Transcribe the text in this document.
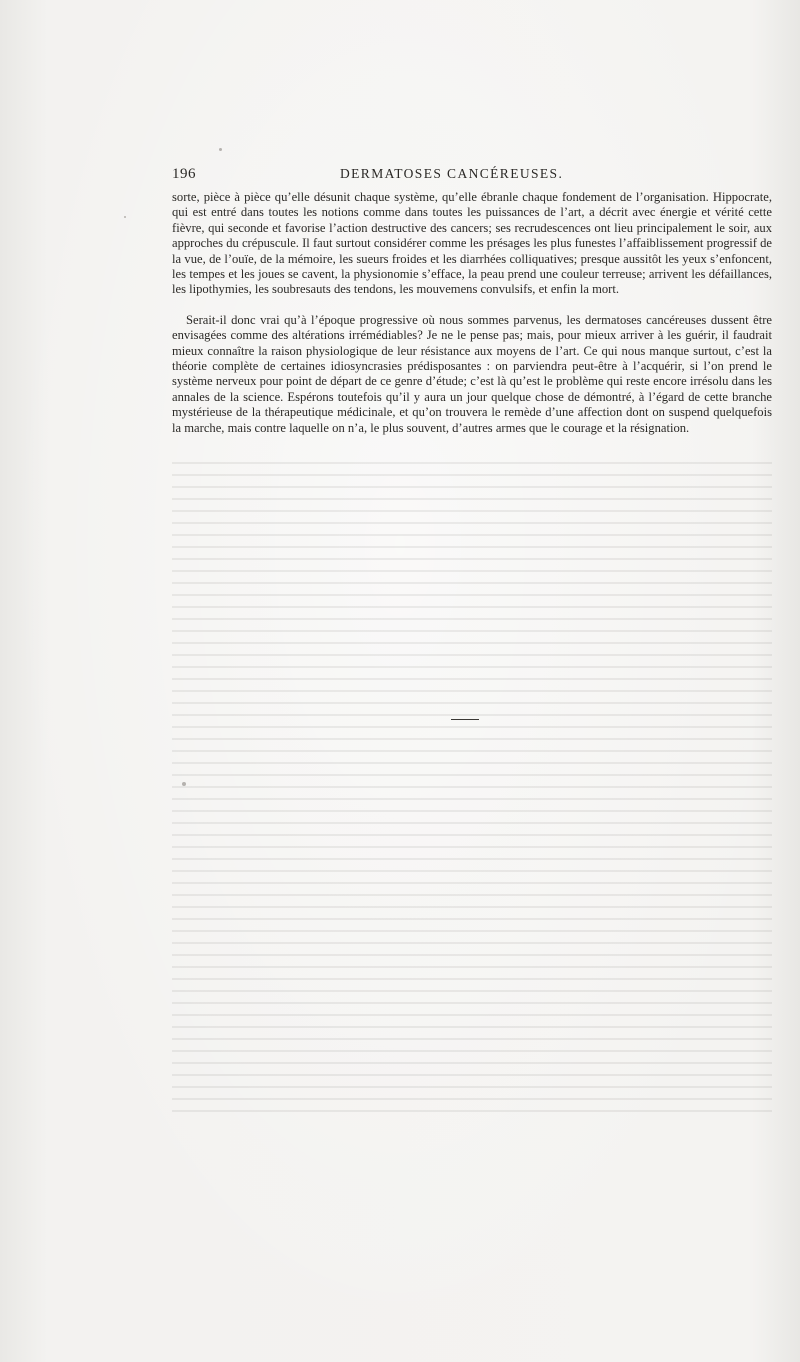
196	DERMATOSES CANCÉREUSES.

sorte, pièce à pièce qu’elle désunit chaque système, qu’elle ébranle chaque fondement de l’organisation. Hippocrate, qui est entré dans toutes les notions comme dans toutes les puissances de l’art, a décrit avec énergie et vérité cette fièvre, qui seconde et favorise l’action destructive des cancers; ses recrudescences ont lieu principalement le soir, aux approches du crépuscule. Il faut surtout considérer comme les présages les plus funestes l’affaiblissement progressif de la vue, de l’ouïe, de la mémoire, les sueurs froides et les diarrhées colliquatives; presque aussitôt les yeux s’enfoncent, les tempes et les joues se cavent, la physionomie s’efface, la peau prend une couleur terreuse; arrivent les défaillances, les lipothymies, les soubresauts des tendons, les mouvemens convulsifs, et enfin la mort.

Serait-il donc vrai qu’à l’époque progressive où nous sommes parvenus, les dermatoses cancéreuses dussent être envisagées comme des altérations irrémédiables? Je ne le pense pas; mais, pour mieux arriver à les guérir, il faudrait mieux connaître la raison physiologique de leur résistance aux moyens de l’art. Ce qui nous manque surtout, c’est la théorie complète de certaines idiosyncrasies prédisposantes : on parviendra peut-être à l’acquérir, si l’on prend le système nerveux pour point de départ de ce genre d’étude; c’est là qu’est le problème qui reste encore irrésolu dans les annales de la science. Espérons toutefois qu’il y aura un jour quelque chose de démontré, à l’égard de cette branche mystérieuse de la thérapeutique médicinale, et qu’on trouvera le remède d’une affection dont on suspend quelquefois la marche, mais contre laquelle on n’a, le plus souvent, d’autres armes que le courage et la résignation.
